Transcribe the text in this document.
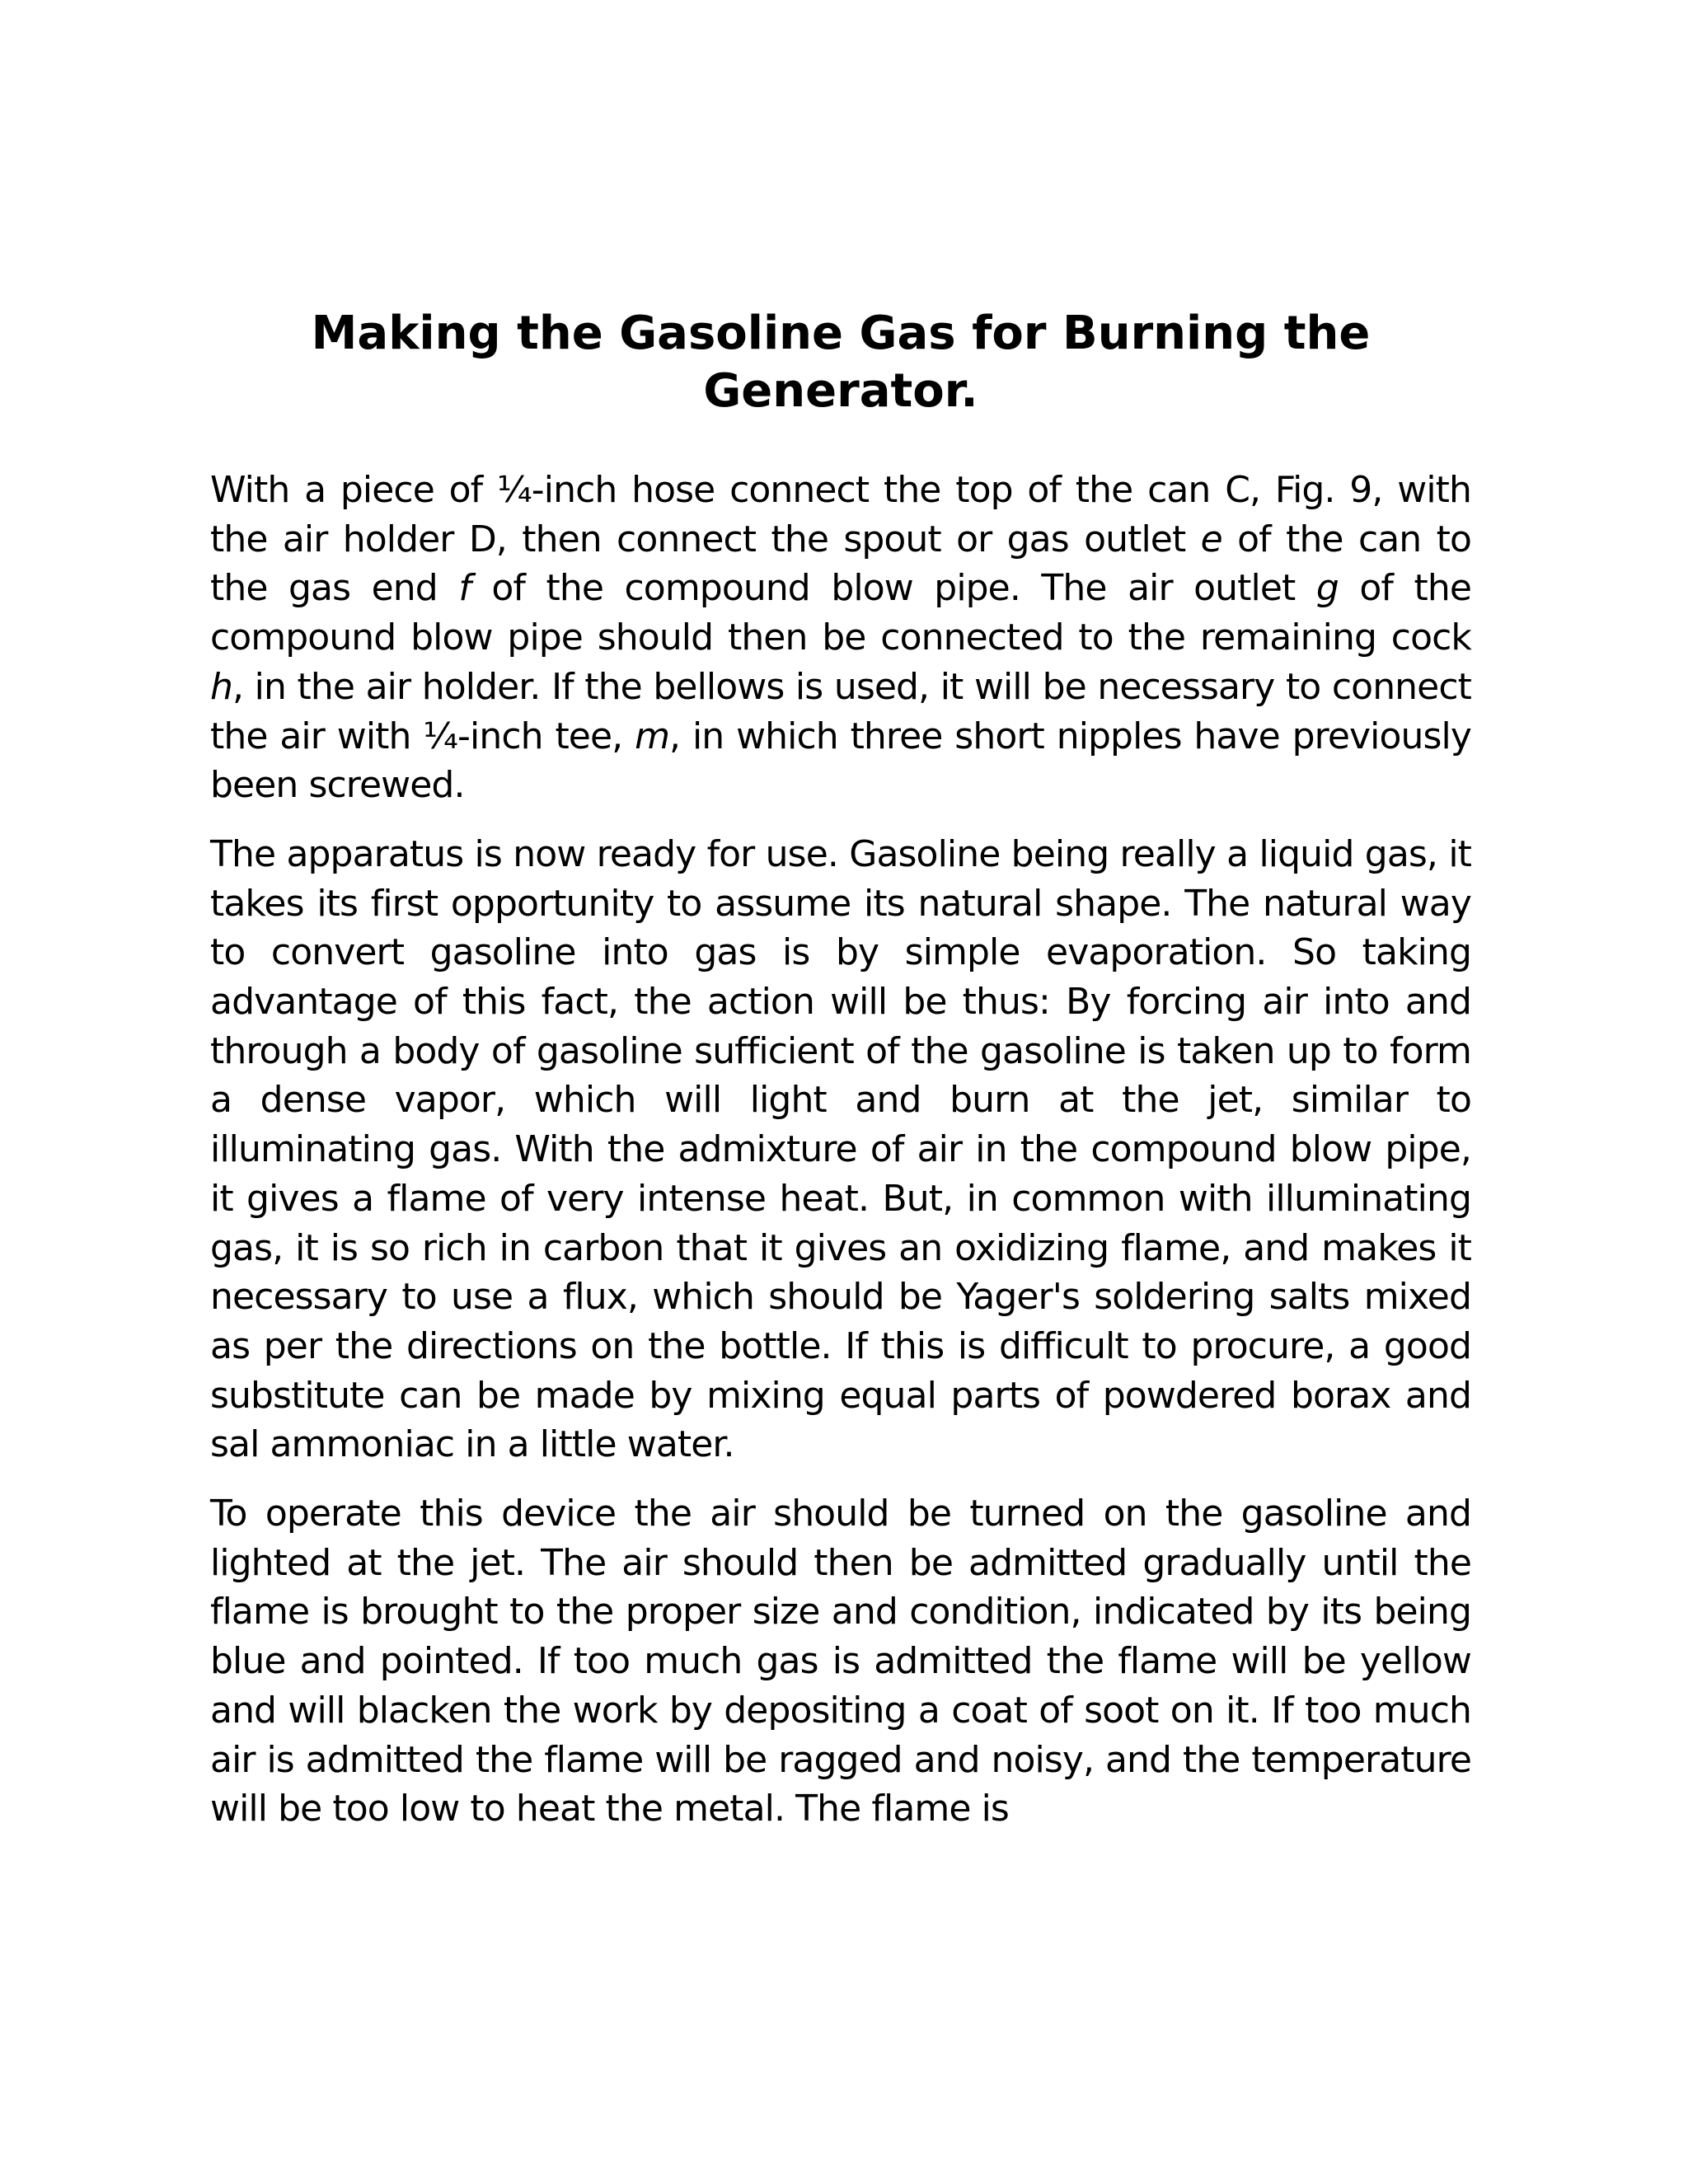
Making the Gasoline Gas for Burning the Generator.

With a piece of ¼-inch hose connect the top of the can C, Fig. 9, with the air holder D, then connect the spout or gas outlet e of the can to the gas end f of the compound blow pipe. The air outlet g of the compound blow pipe should then be connected to the remaining cock h, in the air holder. If the bellows is used, it will be necessary to connect the air with ¼-inch tee, m, in which three short nipples have previously been screwed.

The apparatus is now ready for use. Gasoline being really a liquid gas, it takes its first opportunity to assume its natural shape. The natural way to convert gasoline into gas is by simple evaporation. So taking advantage of this fact, the action will be thus: By forcing air into and through a body of gasoline sufficient of the gasoline is taken up to form a dense vapor, which will light and burn at the jet, similar to illuminating gas. With the admixture of air in the compound blow pipe, it gives a flame of very intense heat. But, in common with illuminating gas, it is so rich in carbon that it gives an oxidizing flame, and makes it necessary to use a flux, which should be Yager's soldering salts mixed as per the directions on the bottle. If this is difficult to procure, a good substitute can be made by mixing equal parts of powdered borax and sal ammoniac in a little water.

To operate this device the air should be turned on the gasoline and lighted at the jet. The air should then be admitted gradually until the flame is brought to the proper size and condition, indicated by its being blue and pointed. If too much gas is admitted the flame will be yellow and will blacken the work by depositing a coat of soot on it. If too much air is admitted the flame will be ragged and noisy, and the temperature will be too low to heat the metal. The flame is
